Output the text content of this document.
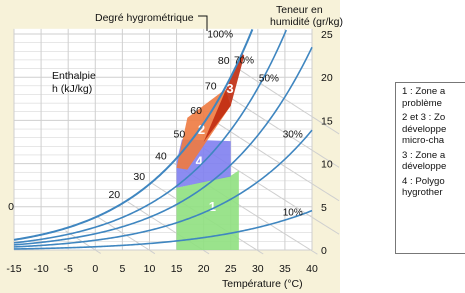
1
4
2
3
100%
70%
50%
30%
10%
-15 -10 -5 0 5 10 15 20 25 30 35 40
0
5
10
15
20
25
0
20
30
40
50
60
70
80
Degré hygrométrique
Teneur en
humidité (gr/kg)
Enthalpie
h (kJ/kg)
Température (°C)
1 : Zone a
problème
2 et 3 : Zo
développe
micro-cha
3 : Zone a
développe
4 : Polygo
hygrother
